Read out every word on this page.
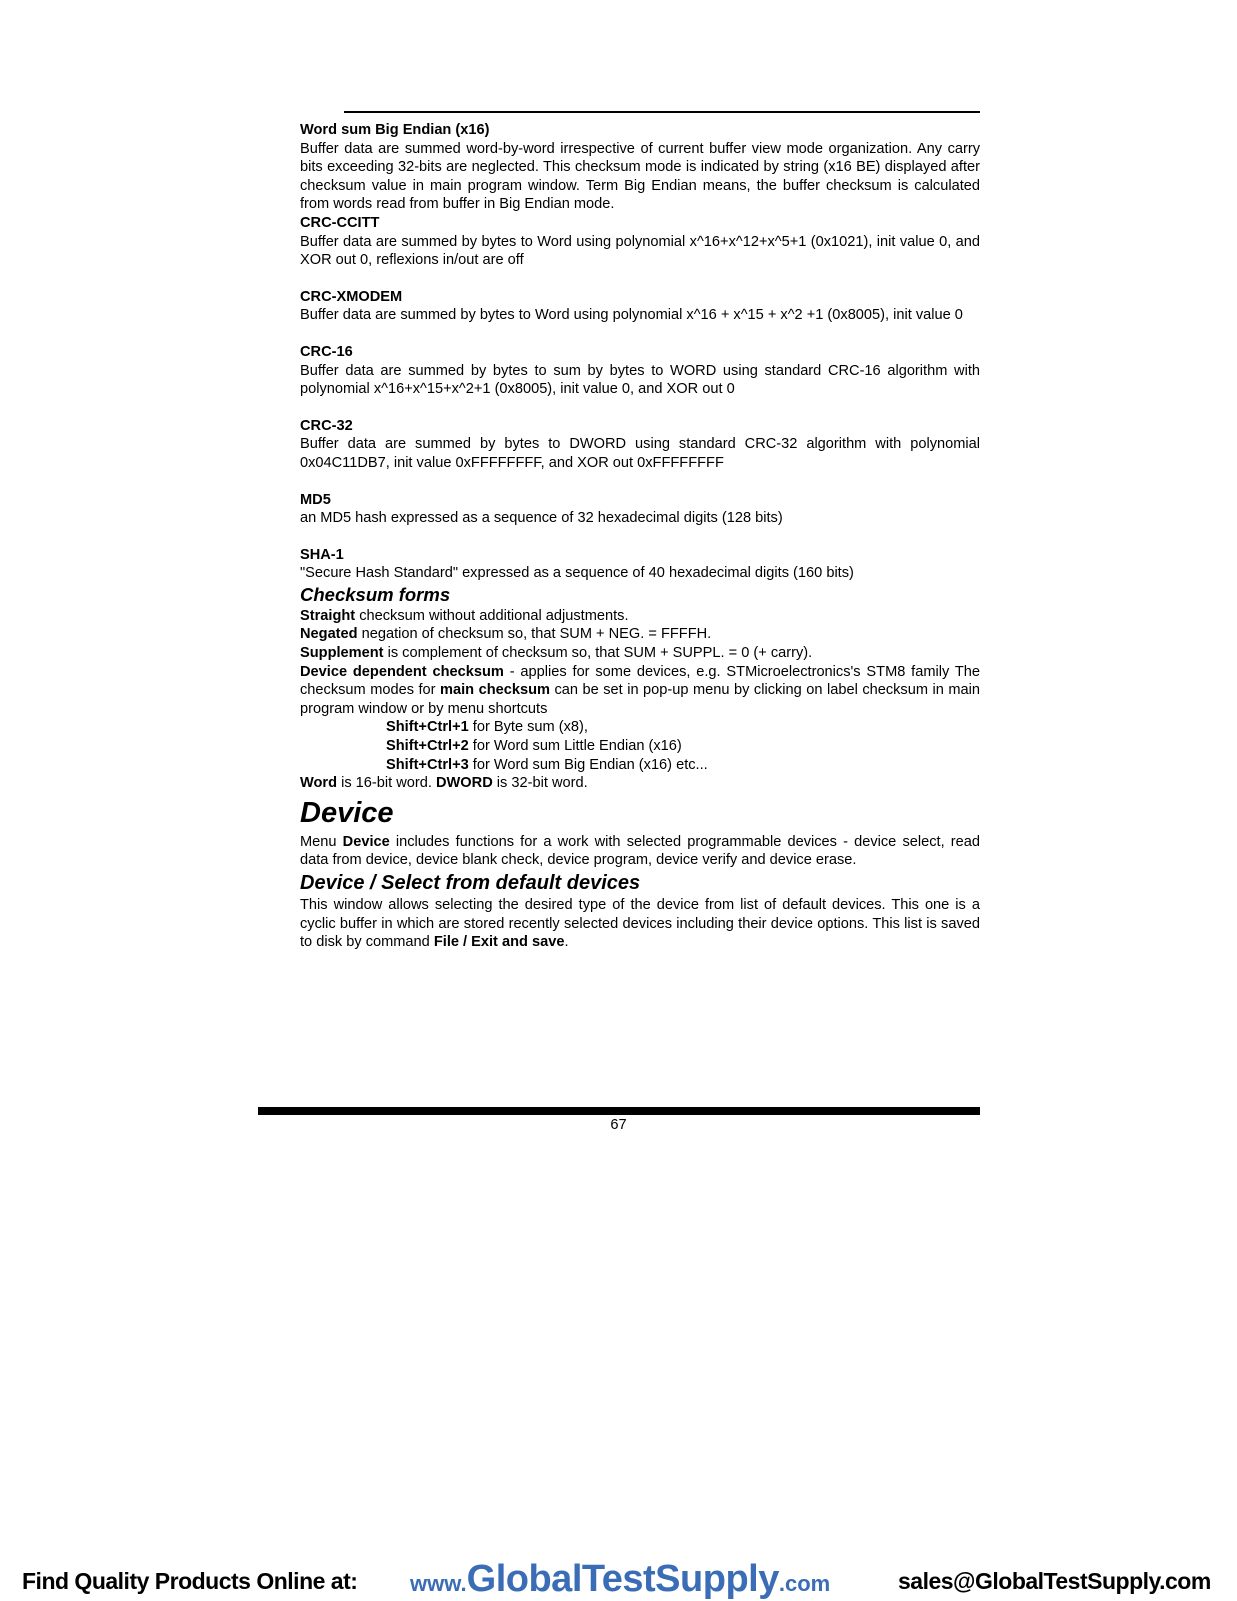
Word sum Big Endian (x16)

Buffer data are summed word-by-word irrespective of current buffer view mode organization. Any carry bits exceeding 32-bits are neglected. This checksum mode is indicated by string (x16 BE) displayed after checksum value in main program window. Term Big Endian means, the buffer checksum is calculated from words read from buffer in Big Endian mode.

CRC-CCITT

Buffer data are summed by bytes to Word using polynomial x^16+x^12+x^5+1 (0x1021), init value 0, and XOR out 0, reflexions in/out are off

CRC-XMODEM

Buffer data are summed by bytes to Word using polynomial x^16 + x^15 + x^2 +1 (0x8005), init value 0

CRC-16

Buffer data are summed by bytes to sum by bytes to WORD using standard CRC-16 algorithm with polynomial x^16+x^15+x^2+1 (0x8005), init value 0, and XOR out 0

CRC-32

Buffer data are summed by bytes to DWORD using standard CRC-32 algorithm with polynomial 0x04C11DB7, init value 0xFFFFFFFF, and XOR out 0xFFFFFFFF

MD5

an MD5 hash expressed as a sequence of 32 hexadecimal digits (128 bits)

SHA-1

"Secure Hash Standard" expressed as a sequence of 40 hexadecimal digits (160 bits)

Checksum forms

Straight checksum without additional adjustments.

Negated negation of checksum so, that SUM + NEG. = FFFFH.

Supplement is complement of checksum so, that SUM + SUPPL. = 0 (+ carry).

Device dependent checksum - applies for some devices, e.g. STMicroelectronics's STM8 family The checksum modes for main checksum can be set in pop-up menu by clicking on label checksum in main program window or by menu shortcuts

Shift+Ctrl+1 for Byte sum (x8),

Shift+Ctrl+2 for Word sum Little Endian (x16)

Shift+Ctrl+3 for Word sum Big Endian (x16) etc...

Word is 16-bit word. DWORD is 32-bit word.

Device

Menu Device includes functions for a work with selected programmable devices - device select, read data from device, device blank check, device program, device verify and device erase.

Device / Select from default devices

This window allows selecting the desired type of the device from list of default devices. This one is a cyclic buffer in which are stored recently selected devices including their device options. This list is saved to disk by command File / Exit and save.

67
Find Quality Products Online at: www.GlobalTestSupply.com	sales@GlobalTestSupply.com
